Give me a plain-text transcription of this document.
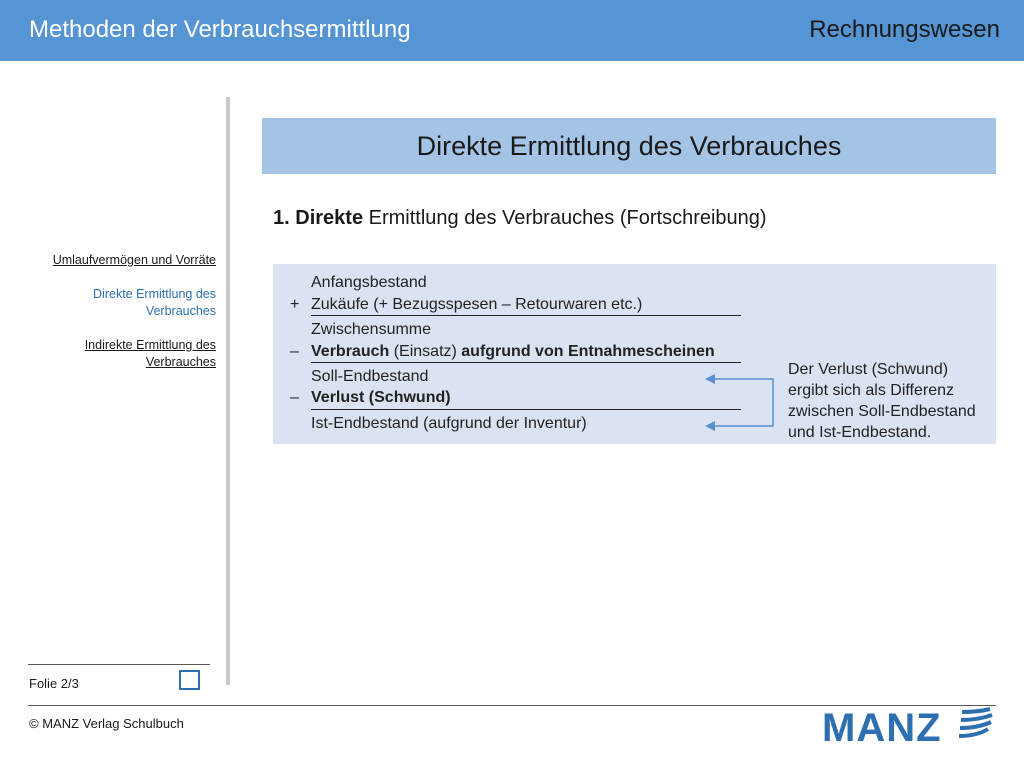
Methoden der Verbrauchsermittlung	Rechnungswesen
Umlaufvermögen und Vorräte
Direkte Ermittlung des Verbrauches
Indirekte Ermittlung des Verbrauches
Direkte Ermittlung des Verbrauches
1. Direkte Ermittlung des Verbrauches (Fortschreibung)
Anfangsbestand
+ Zukäufe (+ Bezugsspesen – Retourwaren etc.)
Zwischensumme
– Verbrauch (Einsatz) aufgrund von Entnahmescheinen
Soll-Endbestand
– Verlust (Schwund)
Ist-Endbestand (aufgrund der Inventur)
Der Verlust (Schwund) ergibt sich als Differenz zwischen Soll-Endbestand und Ist-Endbestand.
Folie 2/3
© MANZ Verlag Schulbuch	MANZ
